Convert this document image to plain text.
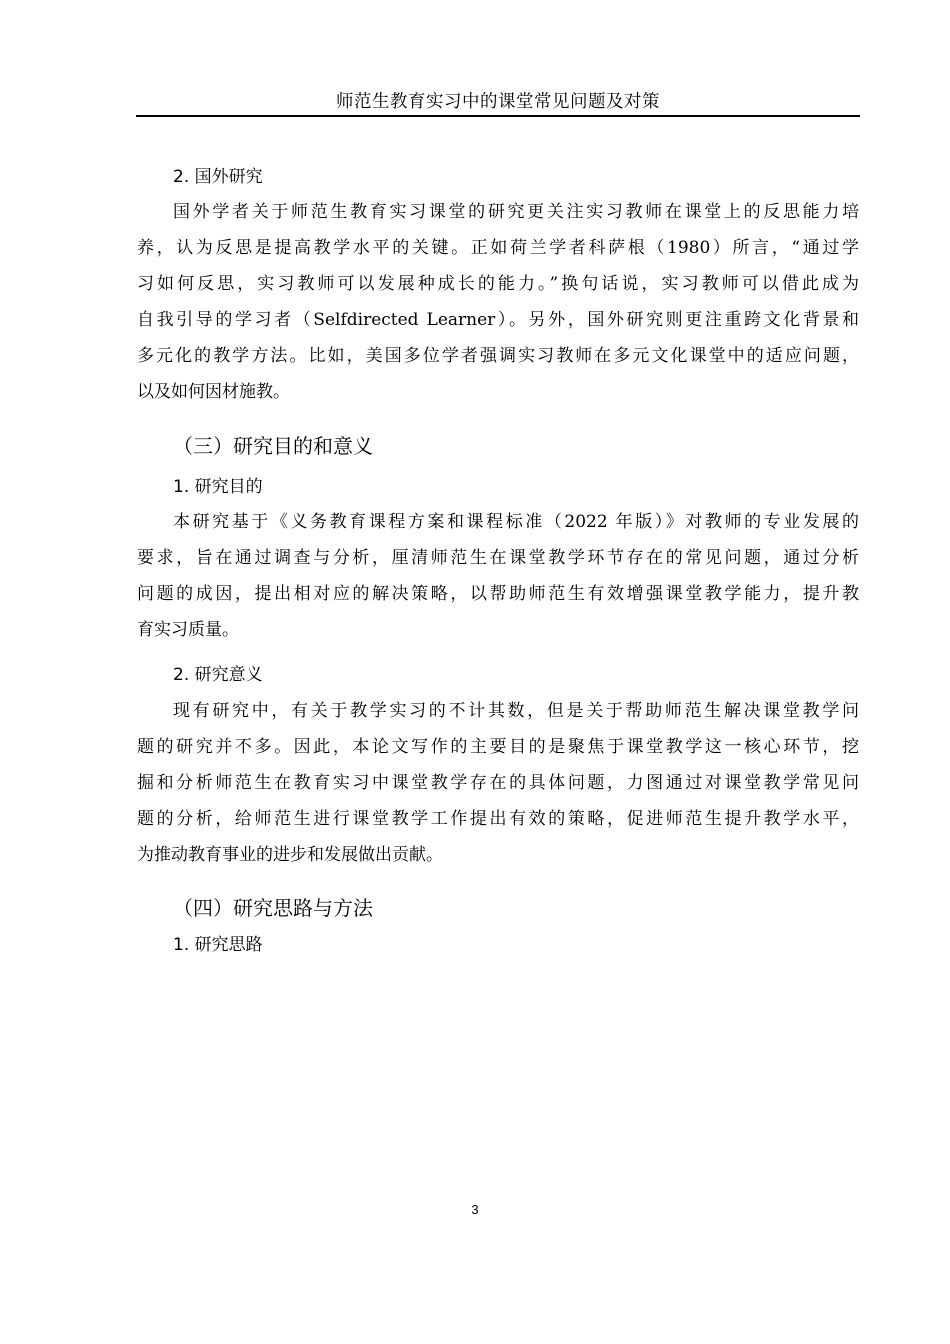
师范生教育实习中的课堂常见问题及对策
2. 国外研究
国外学者关于师范生教育实习课堂的研究更关注实习教师在课堂上的反思能力培
养，认为反思是提高教学水平的关键。正如荷兰学者科萨根（1980）所言，“通过学
习如何反思，实习教师可以发展种成长的能力。”换句话说，实习教师可以借此成为
自我引导的学习者（Selfdirected Learner）。另外，国外研究则更注重跨文化背景和
多元化的教学方法。比如，美国多位学者强调实习教师在多元文化课堂中的适应问题，
以及如何因材施教。
（三）研究目的和意义
1. 研究目的
本研究基于《义务教育课程方案和课程标准（2022 年版）》对教师的专业发展的
要求，旨在通过调查与分析，厘清师范生在课堂教学环节存在的常见问题，通过分析
问题的成因，提出相对应的解决策略，以帮助师范生有效增强课堂教学能力，提升教
育实习质量。
2. 研究意义
现有研究中，有关于教学实习的不计其数，但是关于帮助师范生解决课堂教学问
题的研究并不多。因此，本论文写作的主要目的是聚焦于课堂教学这一核心环节，挖
掘和分析师范生在教育实习中课堂教学存在的具体问题，力图通过对课堂教学常见问
题的分析，给师范生进行课堂教学工作提出有效的策略，促进师范生提升教学水平，
为推动教育事业的进步和发展做出贡献。
（四）研究思路与方法
1. 研究思路
3
